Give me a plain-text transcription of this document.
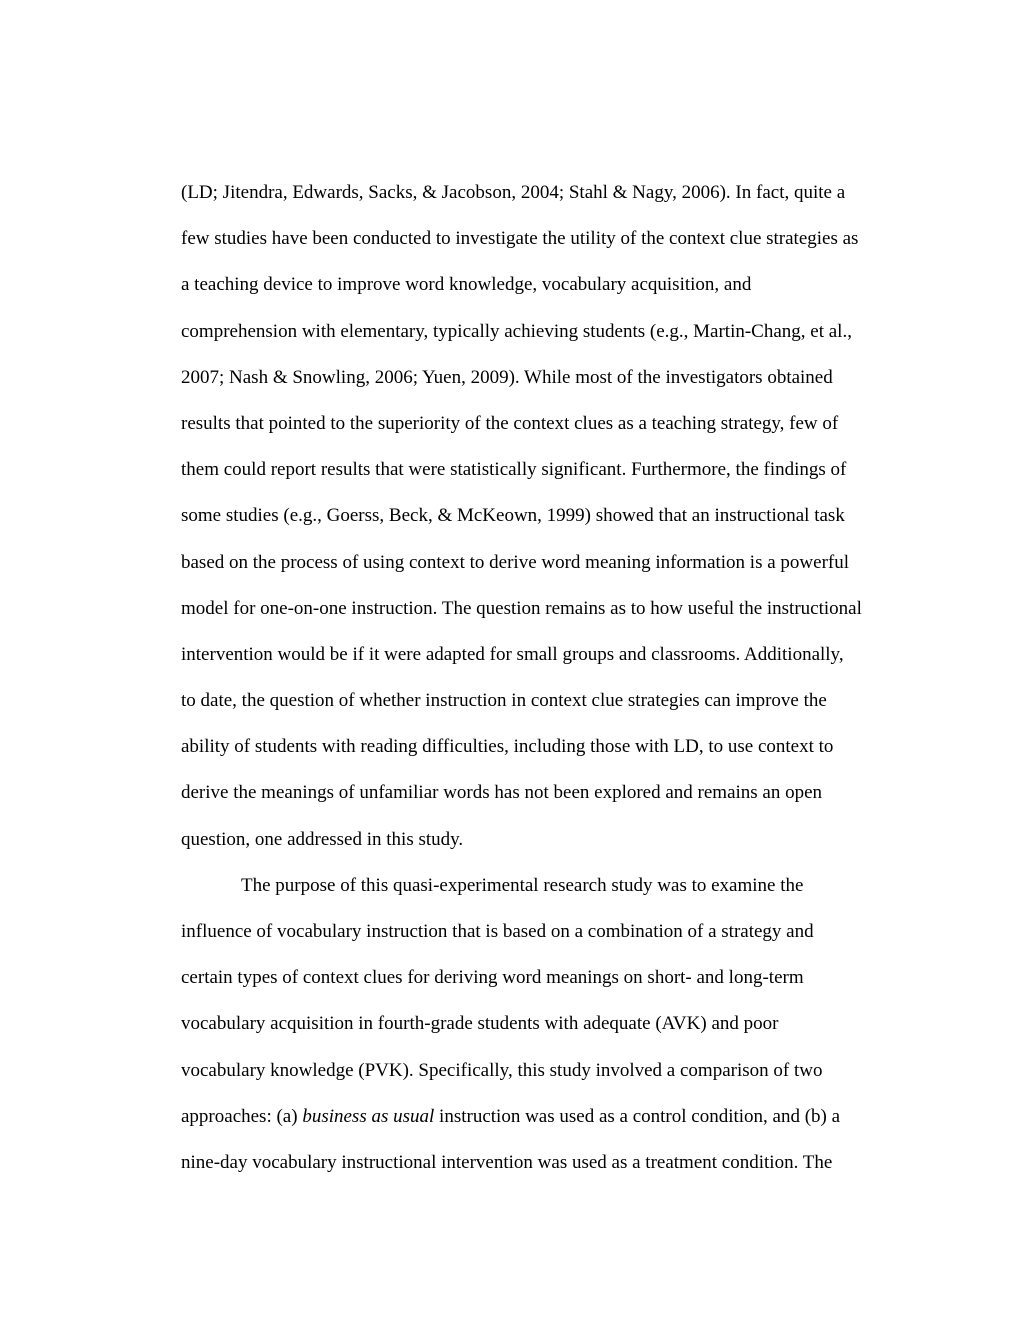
(LD; Jitendra, Edwards, Sacks, & Jacobson, 2004; Stahl & Nagy, 2006). In fact, quite a
few studies have been conducted to investigate the utility of the context clue strategies as
a teaching device to improve word knowledge, vocabulary acquisition, and
comprehension with elementary, typically achieving students (e.g., Martin-Chang, et al.,
2007; Nash & Snowling, 2006; Yuen, 2009). While most of the investigators obtained
results that pointed to the superiority of the context clues as a teaching strategy, few of
them could report results that were statistically significant. Furthermore, the findings of
some studies (e.g., Goerss, Beck, & McKeown, 1999) showed that an instructional task
based on the process of using context to derive word meaning information is a powerful
model for one-on-one instruction. The question remains as to how useful the instructional
intervention would be if it were adapted for small groups and classrooms. Additionally,
to date, the question of whether instruction in context clue strategies can improve the
ability of students with reading difficulties, including those with LD, to use context to
derive the meanings of unfamiliar words has not been explored and remains an open
question, one addressed in this study.
The purpose of this quasi-experimental research study was to examine the
influence of vocabulary instruction that is based on a combination of a strategy and
certain types of context clues for deriving word meanings on short- and long-term
vocabulary acquisition in fourth-grade students with adequate (AVK) and poor
vocabulary knowledge (PVK). Specifically, this study involved a comparison of two
approaches: (a) business as usual instruction was used as a control condition, and (b) a
nine-day vocabulary instructional intervention was used as a treatment condition. The
